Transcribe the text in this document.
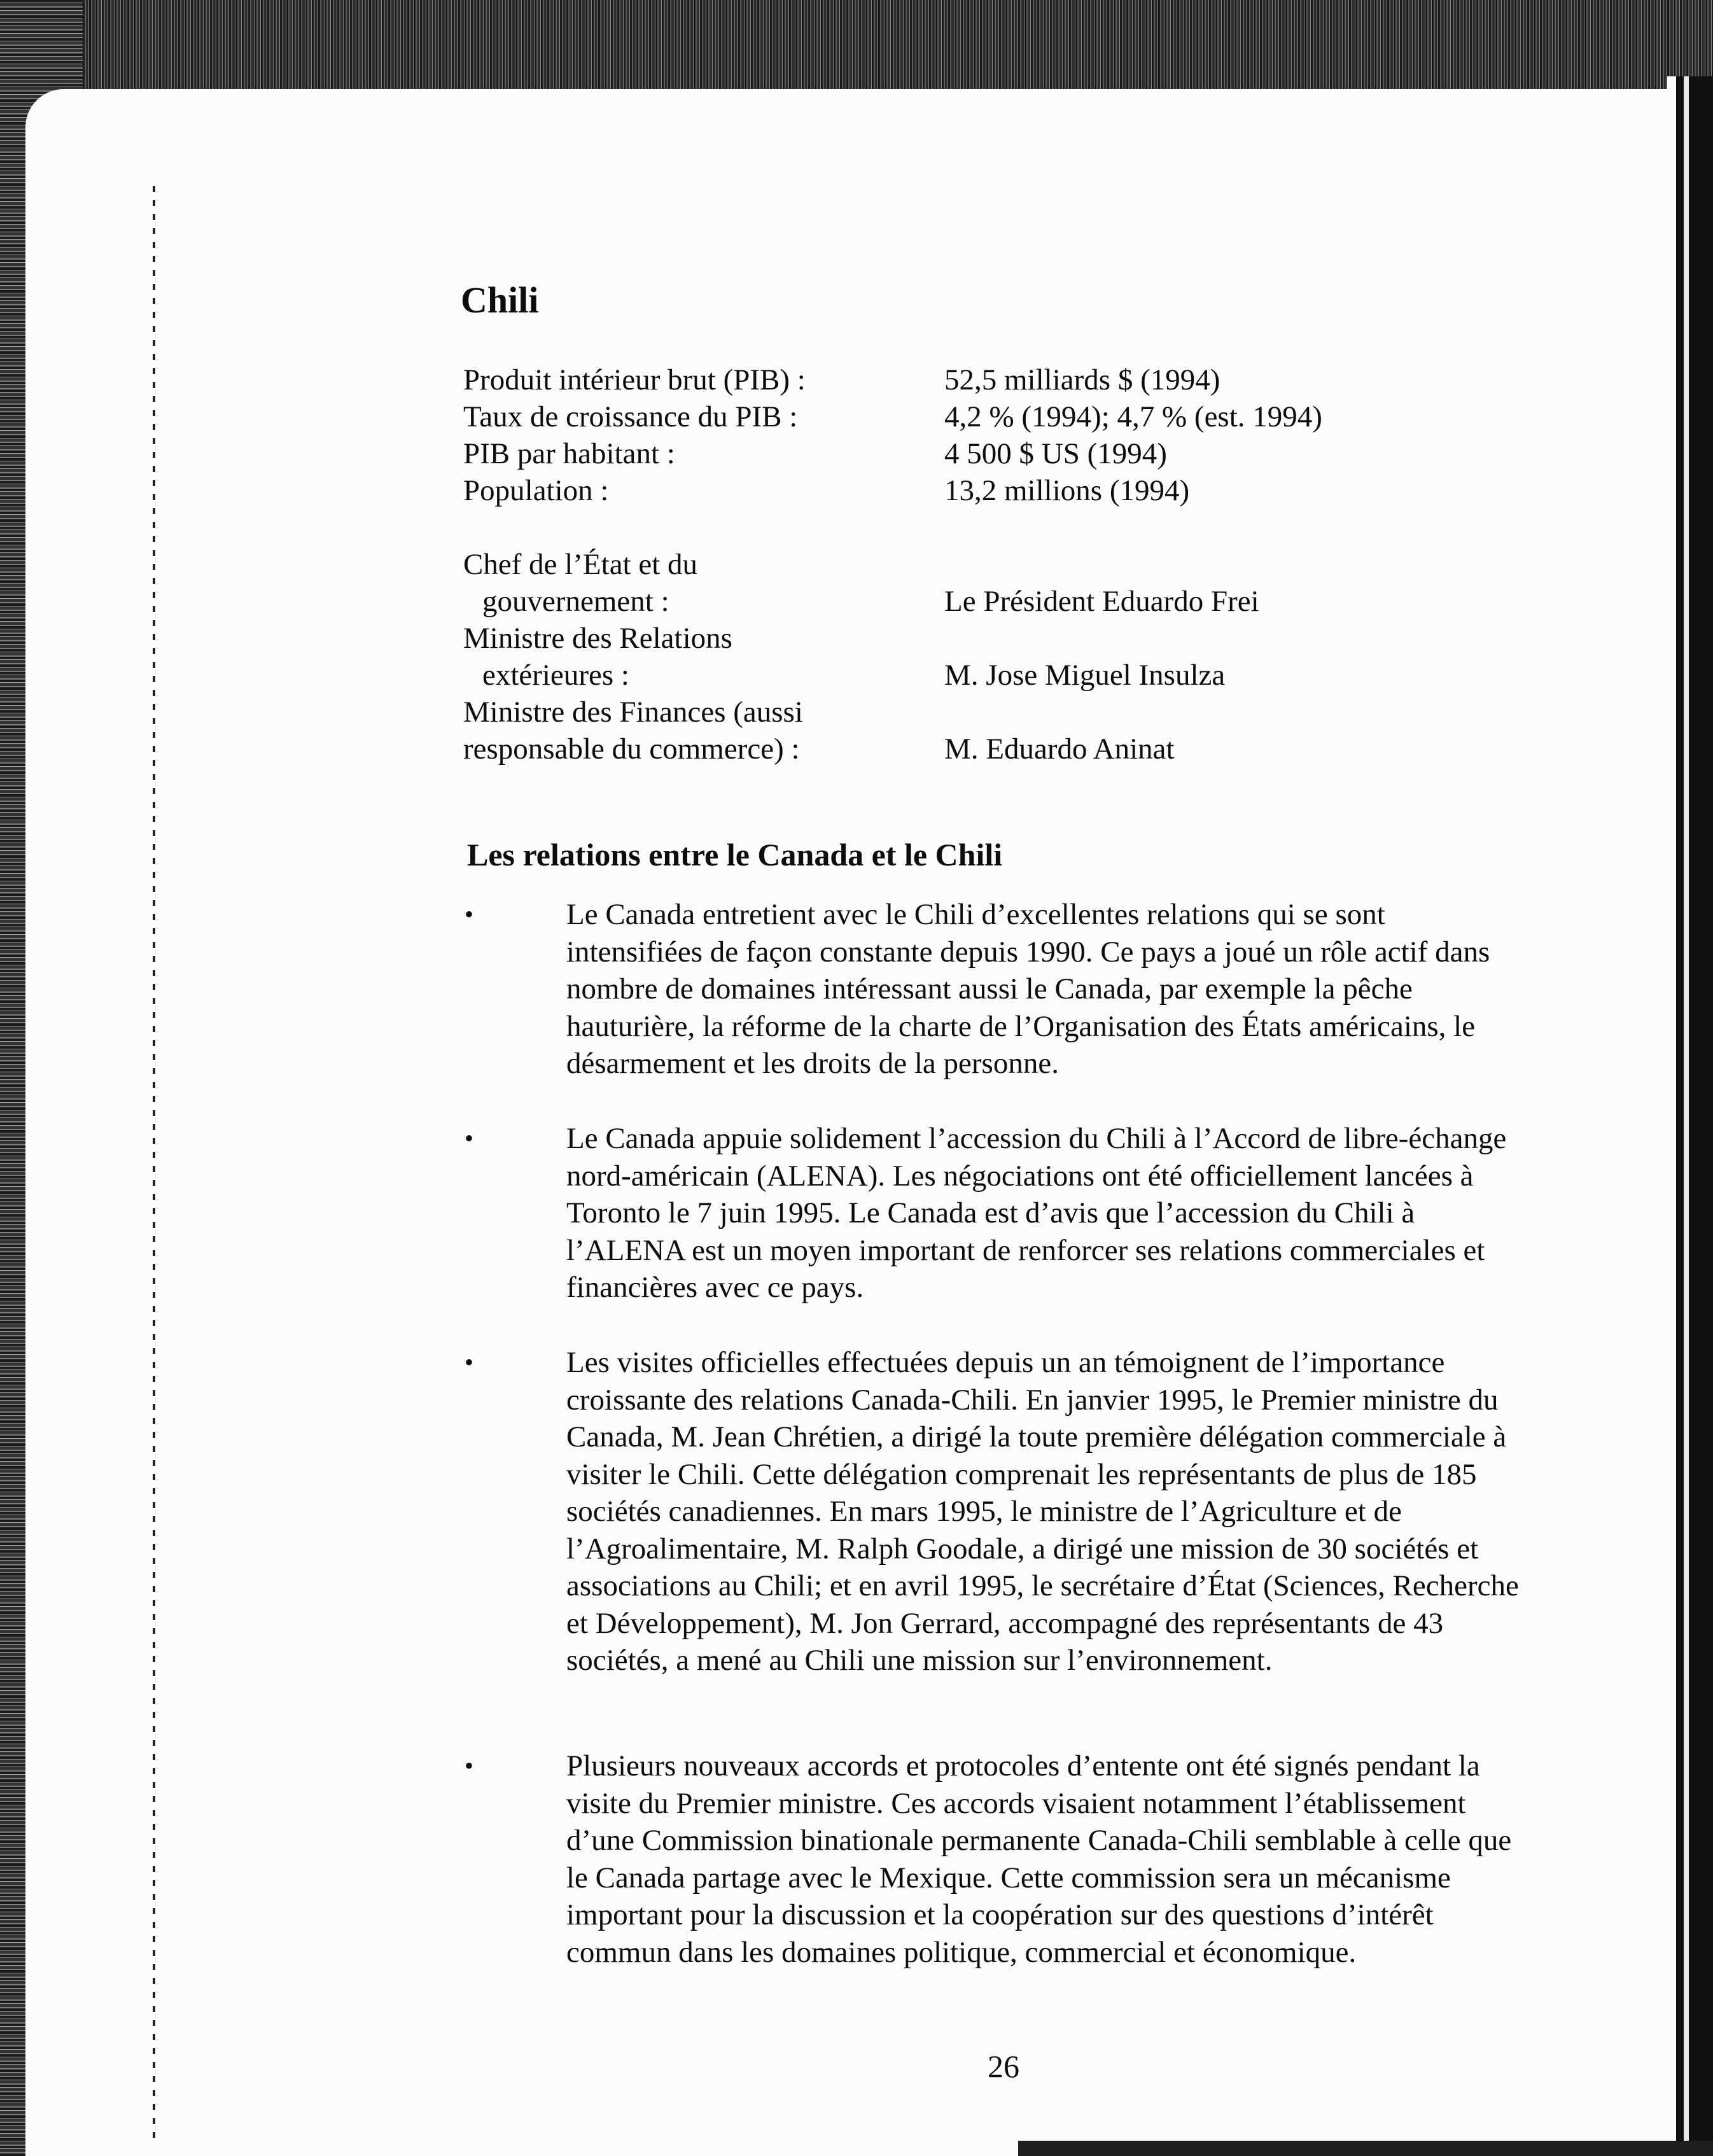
Chili
Produit intérieur brut (PIB) :	52,5 milliards $ (1994)
Taux de croissance du PIB :	4,2 % (1994); 4,7 % (est. 1994)
PIB par habitant :	4 500 $ US (1994)
Population :	13,2 millions (1994)
Chef de l’État et du
gouvernement :	Le Président Eduardo Frei
Ministre des Relations
extérieures :	M. Jose Miguel Insulza
Ministre des Finances (aussi
responsable du commerce) :	M. Eduardo Aninat
Les relations entre le Canada et le Chili
•	Le Canada entretient avec le Chili d’excellentes relations qui se sont intensifiées de façon constante depuis 1990. Ce pays a joué un rôle actif dans nombre de domaines intéressant aussi le Canada, par exemple la pêche hauturière, la réforme de la charte de l’Organisation des États américains, le désarmement et les droits de la personne.
•	Le Canada appuie solidement l’accession du Chili à l’Accord de libre-échange nord-américain (ALENA). Les négociations ont été officiellement lancées à Toronto le 7 juin 1995. Le Canada est d’avis que l’accession du Chili à l’ALENA est un moyen important de renforcer ses relations commerciales et financières avec ce pays.
•	Les visites officielles effectuées depuis un an témoignent de l’importance croissante des relations Canada-Chili. En janvier 1995, le Premier ministre du Canada, M. Jean Chrétien, a dirigé la toute première délégation commerciale à visiter le Chili. Cette délégation comprenait les représentants de plus de 185 sociétés canadiennes. En mars 1995, le ministre de l’Agriculture et de l’Agroalimentaire, M. Ralph Goodale, a dirigé une mission de 30 sociétés et associations au Chili; et en avril 1995, le secrétaire d’État (Sciences, Recherche et Développement), M. Jon Gerrard, accompagné des représentants de 43 sociétés, a mené au Chili une mission sur l’environnement.
•	Plusieurs nouveaux accords et protocoles d’entente ont été signés pendant la visite du Premier ministre. Ces accords visaient notamment l’établissement d’une Commission binationale permanente Canada-Chili semblable à celle que le Canada partage avec le Mexique. Cette commission sera un mécanisme important pour la discussion et la coopération sur des questions d’intérêt commun dans les domaines politique, commercial et économique.
26
